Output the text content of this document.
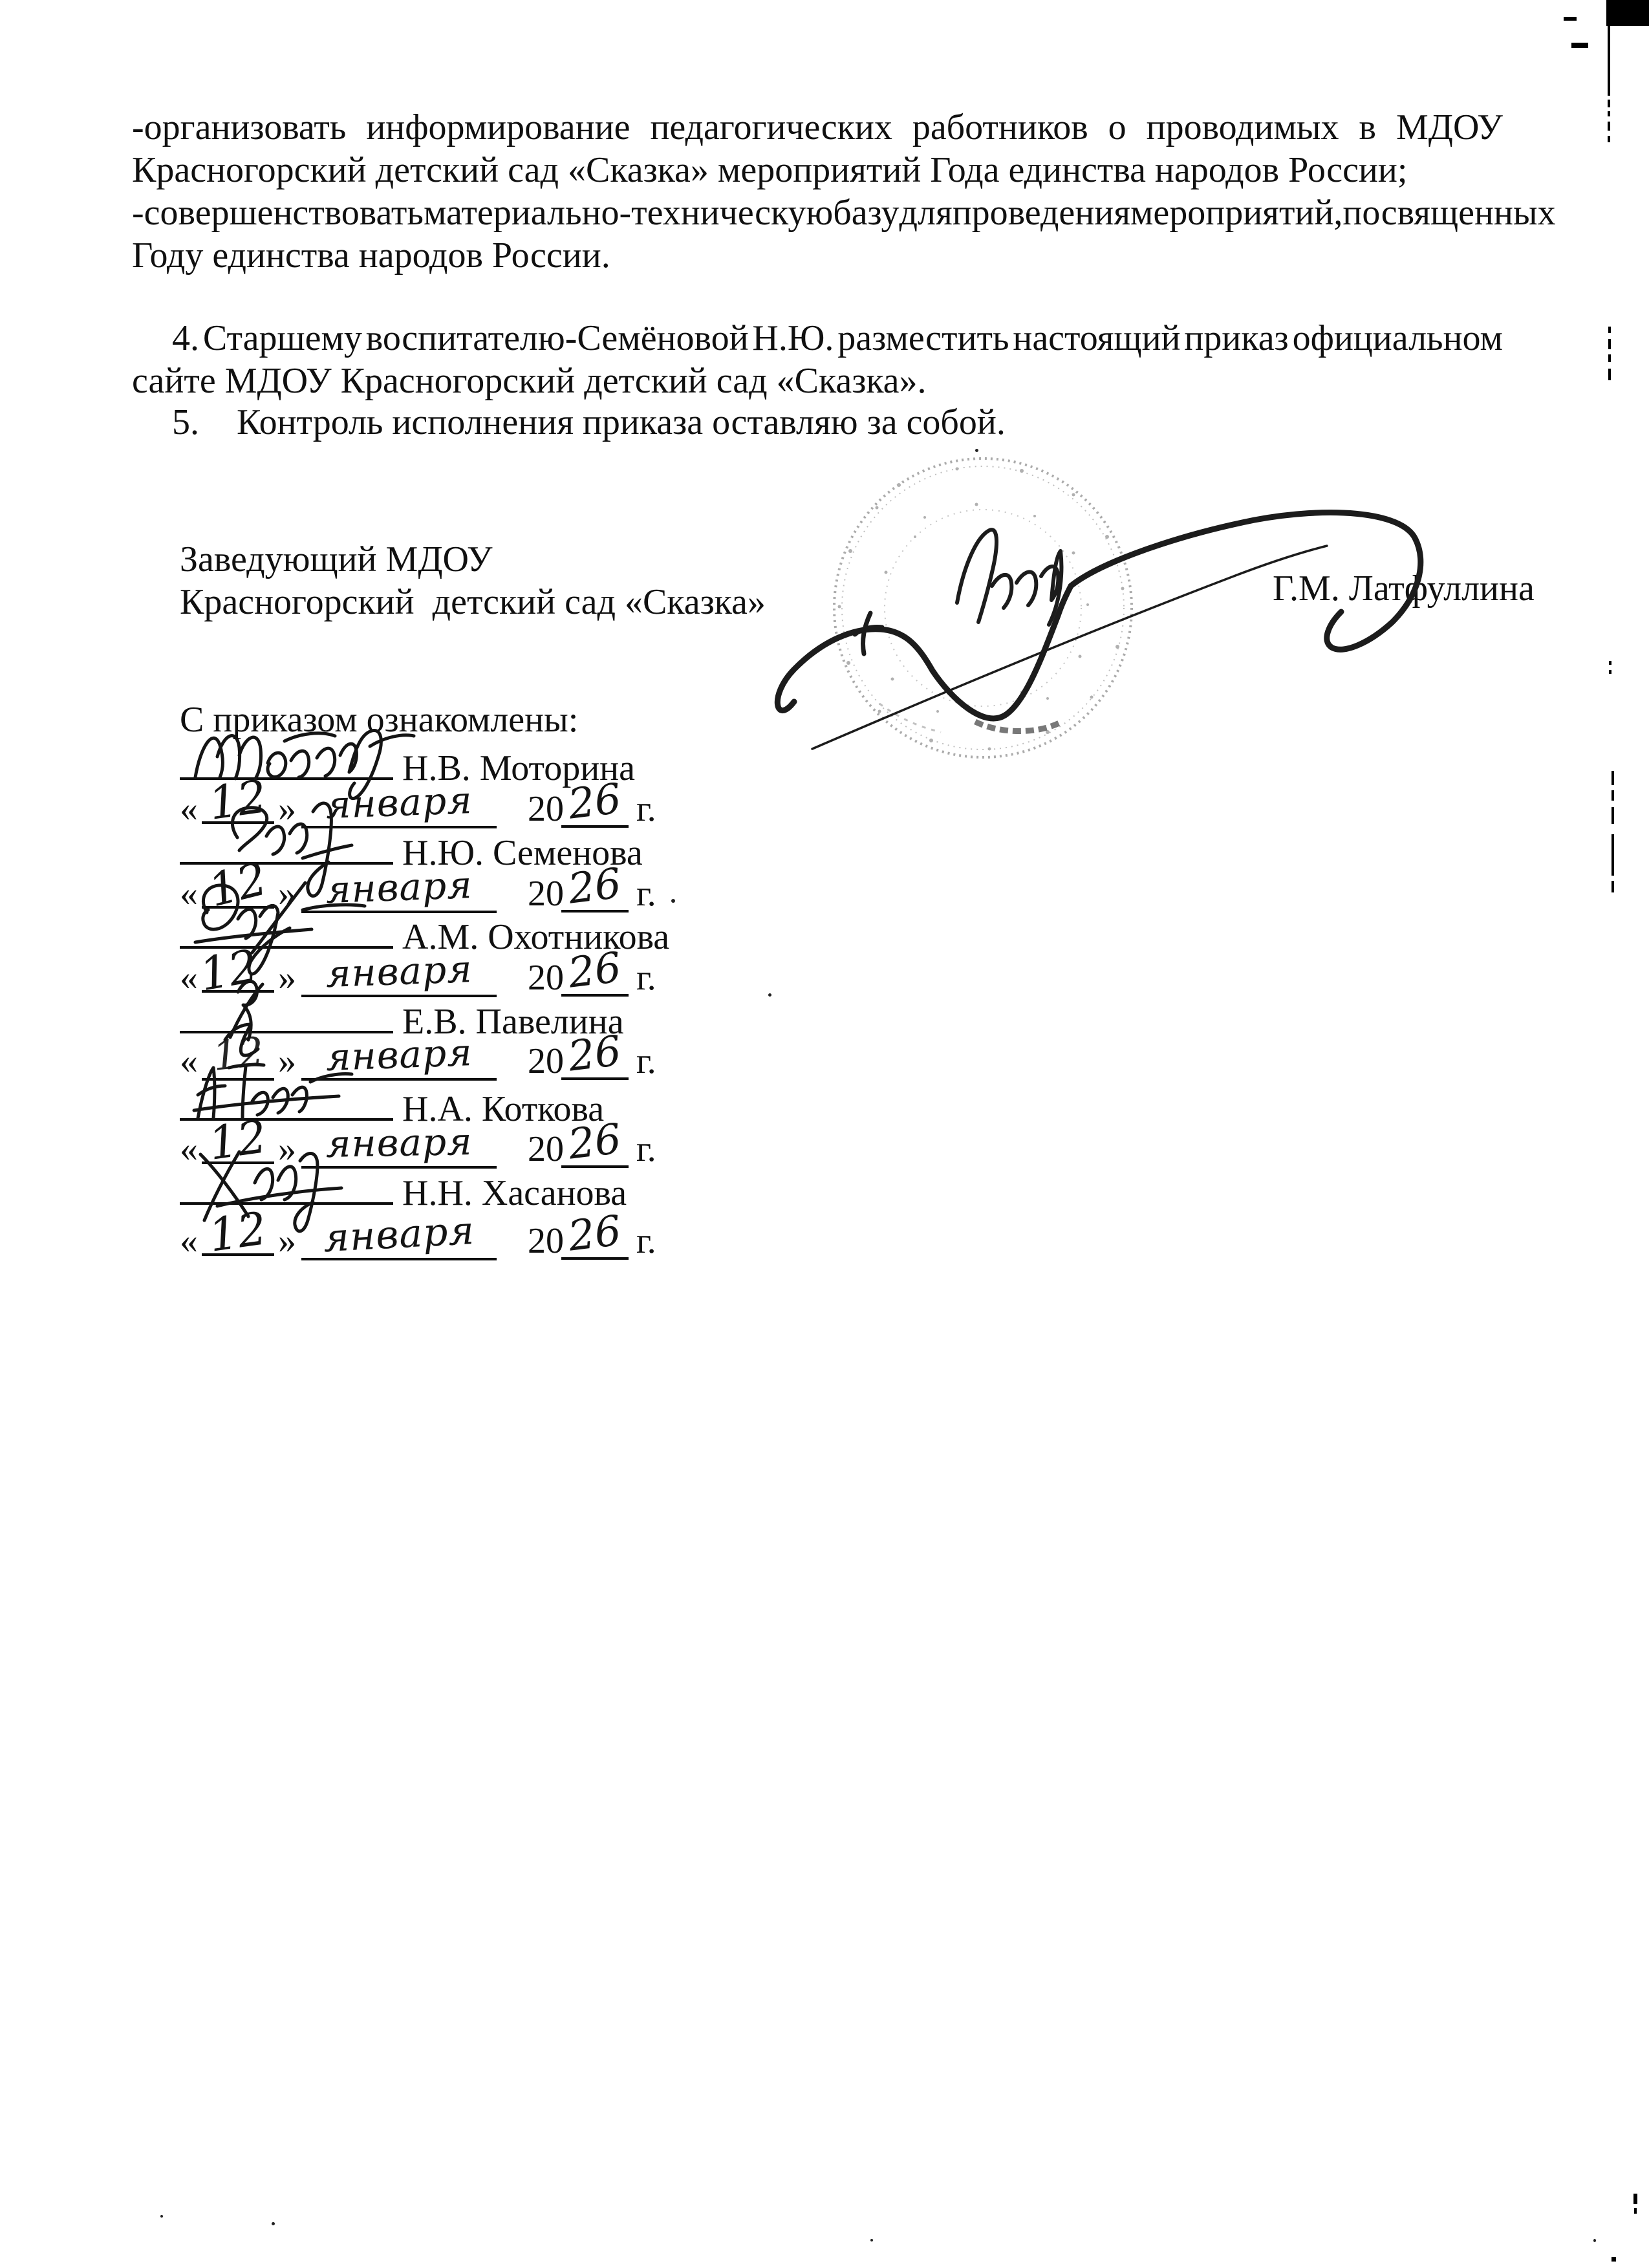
-организовать информирование педагогических работников о проводимых в МДОУ
Красногорский детский сад «Сказка» мероприятий Года единства народов России;
-совершенствовать материально-техническую базу для проведения мероприятий, посвященных
Году единства народов России.
4. Старшему воспитателю-Семёновой Н.Ю. разместить настоящий приказ официальном
сайте МДОУ Красногорский детский сад «Сказка».
5. Контроль исполнения приказа оставляю за собой.
Заведующий МДОУ
Красногорский  детский сад «Сказка»	Г.М. Латфуллина
С приказом ознакомлены:
Н.В. Моторина
« 12 » января 2026 г.
Н.Ю. Семенова
« 12 » января 2026 г.
А.М. Охотникова
«12 » января 2026 г.
Е.В. Павелина
« 12 » января 2026 г.
Н.А. Коткова
« 12 » января 2026 г.
Н.Н. Хасанова
« 12 » января 2026 г.
